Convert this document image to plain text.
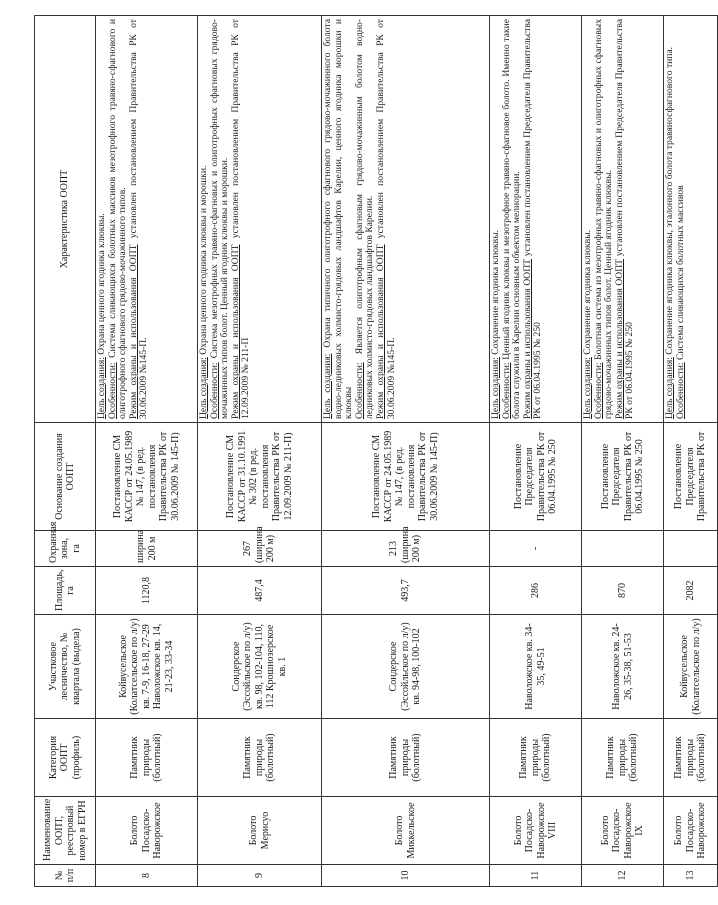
№ п/п	Наименование ООПТ, реестровый номер в ЕГРН	Категория ООПТ (профиль)	Участковое лесничество, № квартала (выдела)	Площадь, га	Охранная зона, га	Основание создания ООПТ	Характеристика ООПТ
8	Болото Посадско-Наворожское	Памятник природы (болотный)	Койвусельское (Колатсельское по л/у) кв. 7-9, 16-18, 27-29 Наволожское кв. 14, 21-23, 33-34	1120,8	ширина 200 м	Постановление СМ КАССР от 24.05.1989 № 147, (в ред. постановления Правительства РК от 30.06.2009 № 145-П)	Цель создания: Охрана ценного ягодника клюквы.
Особенности: Система сливающихся болотных массивов мезотрофного травяно-сфагнового и олиготрофного сфагнового грядово-мочажинного типов. Режим охраны и использования ООПТ установлен постановлением Правительства РК от 30.06.2009 №145-П.

9	Болото Мерисуо	Памятник природы (болотный)	Сондерское (Эссойльское по л/у) кв. 98, 102-104, 110, 112 Крошнозерское кв. 1	487,4	267 (ширина 200 м)	Постановление СМ КАССР от 31.10.1991 № 302 (в ред. постановления Правительства РК от 12.09.2009 № 211-П)	Цель создания: Охрана ценного ягодника клюквы и морошки.
Особенности: Система мезотрофных травяно-сфагновых и олиготрофных сфагновых грядово-мочажинных типов болот. Ценный ягодник клюквы и морошки. Режим охраны и использования ООПТ установлен постановлением Правительства РК от 12.09.2009 № 211-П

10	Болото Миккельское	Памятник природы (болотный)	Сондерское (Эссойльское по л/у) кв. 94-98, 100-102	493,7	213 (ширина 200 м)	Постановление СМ КАССР от 24.05.1989 № 147, (в ред. постановления Правительства РК от 30.06.2009 № 145-П)	Цель создания: Охрана типичного олиготрофного сфагнового грядово-мочажинного болота водно-ледниковых холмисто-грядовых ландшафтов Карелии, ценного ягодника морошки и клюквы Особенности: Является олиготрофным сфагновым грядово-мочажинным болотом водно-ледниковых холмисто-грядовых ландшафтов Карелии. Режим охраны и использования ООПТ установлен постановлением Правительства РК от 30.06.2009 №145-П.

11	Болото Посадско-Наворожское VIII	Памятник природы (болотный)	Наволожское кв. 34-35, 49-51	286	-	Постановление Председателя Правительства РК от 06.04.1995 № 250	Цель создания: Сохранение ягодника клюквы.
Особенности: Ценный ягодник клюквы и мезотрофное травяно-сфагновое болото. Именно такие болота служили в Карелии основным объектом мелиорации. Режим охраны и использования ООПТ установлен постановлением Председателя Правительства РК от 06.04.1995 № 250

12	Болото Посадско-Наворожское IX	Памятник природы (болотный)	Наволожское кв. 24-26, 35-38, 51-53	870		Постановление Председателя Правительства РК от 06.04.1995 № 250	Цель создания: Сохранение ягодника клюквы.
Особенности: Болотная система из мезотрофных травяно-сфагновых и олиготрофных сфагновых грядово-мочажинных типов болот. Ценный ягодник клюквы. Режим охраны и использования ООПТ установлен постановлением Председателя Правительства РК от 06.04.1995 № 250

13	Болото Посадско-Наворожское	Памятник природы (болотный)	Койвусельское (Колатсельское по л/у)	2082		Постановление Председателя Правительства РК от	Цель создания: Сохранение ягодника клюквы, эталонного болота травяносфагнового типа.
Особенности: Система сливающихся болотных массивов
